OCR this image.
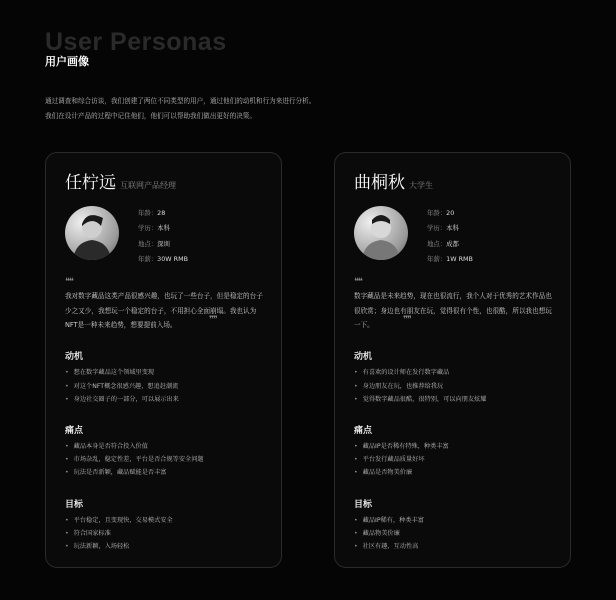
User Personas
用户画像
通过调查和综合访谈，我们创建了两位不同类型的用户，通过他们的动机和行为来进行分析。
我们在设计产品的过程中记住他们，他们可以帮助我们做出更好的决策。
任柠远 互联网产品经理
年龄：28
学历：本科
地点：深圳
年薪：30W RMB
❝❝
我对数字藏品这类产品很感兴趣，也玩了一些台子，但是稳定的台子少之又少，我想玩一个稳定的台子，不用担心全面崩塌。我也认为NFT是一种未来趋势，想要提前入场。	❞❞
动机
• 想在数字藏品这个领域里变现
• 对这个NFT概念很感兴趣，想追赶潮流
• 身边社交圈子的一部分，可以展示出来
痛点
• 藏品本身是否符合投入价值
• 市场杂乱，稳定性差，平台是否合规等安全问题
• 玩法是否新颖，藏品赋能是否丰富
目标
• 平台稳定，且变现快，交易模式安全
• 符合国家标准
• 玩法新颖，入场轻松
曲桐秋 大学生
年龄：20
学历：本科
地点：成都
年薪：1W RMB
❝❝
数字藏品是未来趋势，现在也很流行，我个人对于优秀的艺术作品也很欣赏；身边也有朋友在玩，觉得很有个性，也很酷，所以我也想玩一下。	❞❞
动机
• 有喜欢的设计师在发行数字藏品
• 身边朋友在玩，也推荐给我玩
• 觉得数字藏品很酷，很特别，可以向朋友炫耀
痛点
• 藏品IP是否稀有特殊，种类丰富
• 平台发行藏品质量好坏
• 藏品是否物美价廉
目标
• 藏品IP稀有，种类丰富
• 藏品物美价廉
• 社区有趣，互动性高
